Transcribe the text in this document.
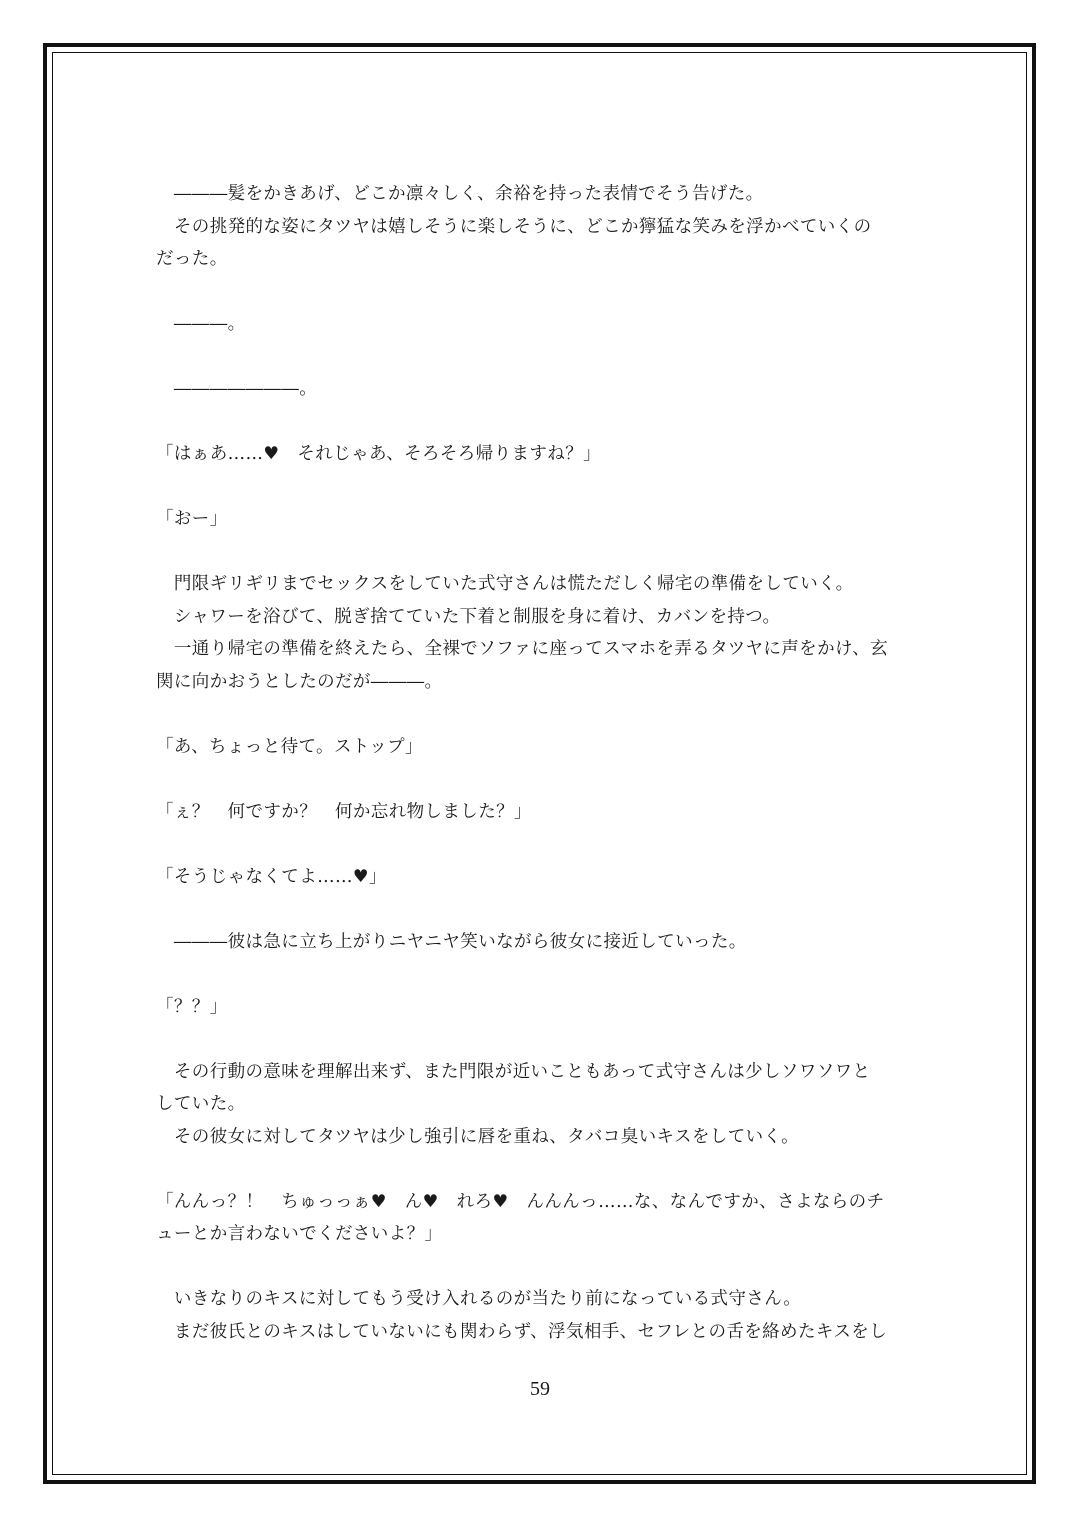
　―――髪をかきあげ、どこか凛々しく、余裕を持った表情でそう告げた。
　その挑発的な姿にタツヤは嬉しそうに楽しそうに、どこか獰猛な笑みを浮かべていくの
だった。
　―――。
　―――――――。
「はぁあ……♥　それじゃあ、そろそろ帰りますね？」
「おー」
　門限ギリギリまでセックスをしていた式守さんは慌ただしく帰宅の準備をしていく。
　シャワーを浴びて、脱ぎ捨てていた下着と制服を身に着け、カバンを持つ。
　一通り帰宅の準備を終えたら、全裸でソファに座ってスマホを弄るタツヤに声をかけ、玄
関に向かおうとしたのだが―――。
「あ、ちょっと待て。ストップ」
「ぇ？　何ですか？　何か忘れ物しました？」
「そうじゃなくてよ……♥」
　―――彼は急に立ち上がりニヤニヤ笑いながら彼女に接近していった。
「？？」
　その行動の意味を理解出来ず、また門限が近いこともあって式守さんは少しソワソワと
していた。
　その彼女に対してタツヤは少し強引に唇を重ね、タバコ臭いキスをしていく。
「んんっ？！　ちゅっっぁ♥　ん♥　れろ♥　んんんっ……な、なんですか、さよならのチ
ューとか言わないでくださいよ？」
　いきなりのキスに対してもう受け入れるのが当たり前になっている式守さん。
　まだ彼氏とのキスはしていないにも関わらず、浮気相手、セフレとの舌を絡めたキスをし
59
